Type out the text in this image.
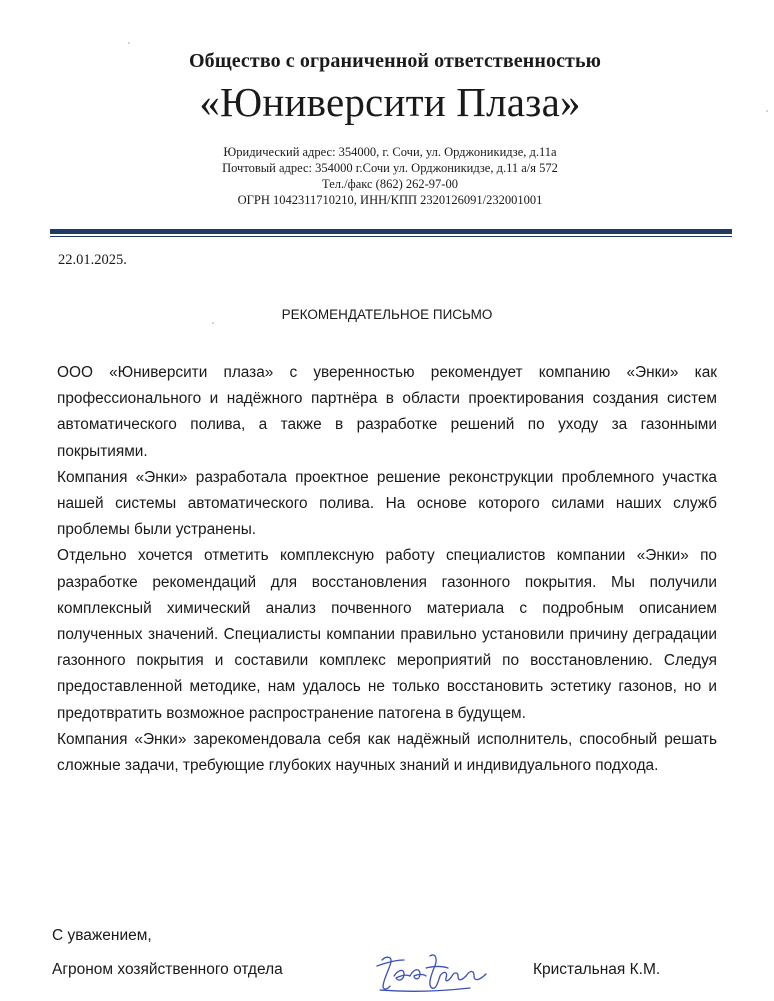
Общество с ограниченной ответственностью
«Юниверсити Плаза»
Юридический адрес: 354000, г. Сочи, ул. Орджоникидзе, д.11а
Почтовый адрес: 354000 г.Сочи ул. Орджоникидзе, д.11 а/я 572
Тел./факс (862) 262-97-00
ОГРН 1042311710210, ИНН/КПП 2320126091/232001001
22.01.2025.
РЕКОМЕНДАТЕЛЬНОЕ ПИСЬМО

ООО «Юниверсити плаза» с уверенностью рекомендует компанию «Энки» как профессионального и надёжного партнёра в области проектирования создания систем автоматического полива, а также в разработке решений по уходу за газонными покрытиями.

Компания «Энки» разработала проектное решение реконструкции проблемного участка нашей системы автоматического полива. На основе которого силами наших служб проблемы были устранены.

Отдельно хочется отметить комплексную работу специалистов компании «Энки» по разработке рекомендаций для восстановления газонного покрытия. Мы получили комплексный химический анализ почвенного материала с подробным описанием полученных значений. Специалисты компании правильно установили причину деградации газонного покрытия и составили комплекс мероприятий по восстановлению. Следуя предоставленной методике, нам удалось не только восстановить эстетику газонов, но и предотвратить возможное распространение патогена в будущем.

Компания «Энки» зарекомендовала себя как надёжный исполнитель, способный решать сложные задачи, требующие глубоких научных знаний и индивидуального подхода.

С уважением,
Агроном хозяйственного отдела	Кристальная К.М.
